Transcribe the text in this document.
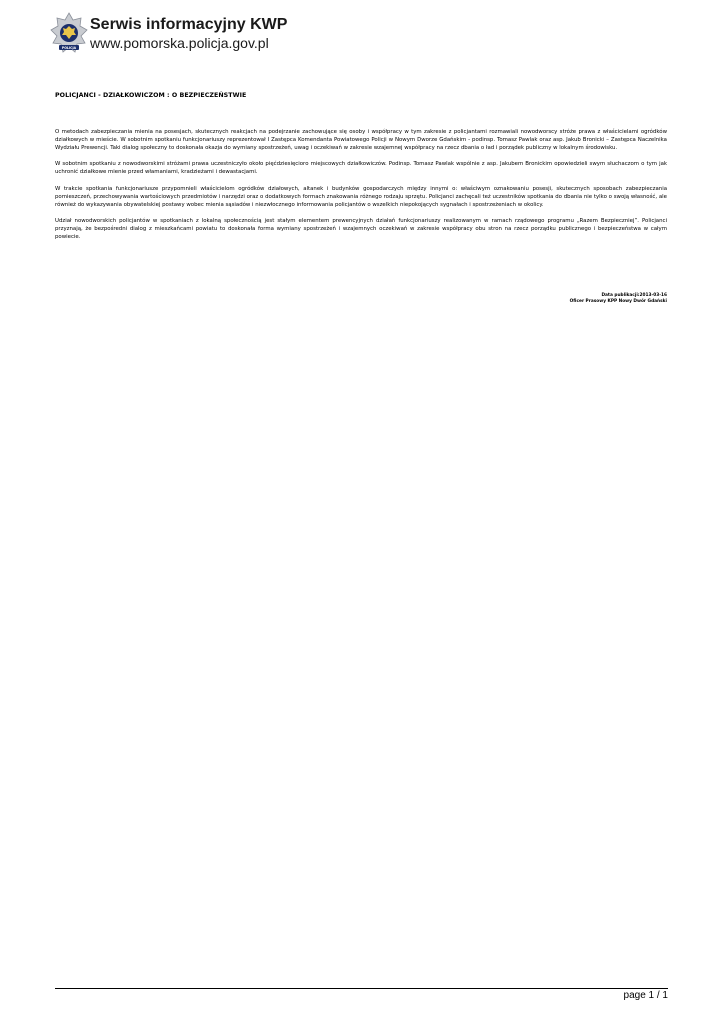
POLICJA
Serwis informacyjny KWP
www.pomorska.policja.gov.pl
POLICJANCI - DZIAŁKOWICZOM : O BEZPIECZEŃSTWIE

O metodach zabezpieczania mienia na posesjach, skutecznych reakcjach na podejrzanie zachowujące się osoby i współpracy w tym zakresie z policjantami rozmawiali nowodworscy stróże prawa z właścicielami ogródków działkowych w mieście. W sobotnim spotkaniu funkcjonariuszy reprezentował I Zastępca Komendanta Powiatowego Policji w Nowym Dworze Gdańskim - podinsp. Tomasz Pawlak oraz asp. Jakub Bronicki – Zastępca Naczelnika Wydziału Prewencji. Taki dialog społeczny to doskonała okazja do wymiany spostrzeżeń, uwag i oczekiwań w zakresie wzajemnej współpracy na rzecz dbania o ład i porządek publiczny w lokalnym środowisku.

W sobotnim spotkaniu z nowodworskimi stróżami prawa uczestniczyło około pięćdziesięciorо miejscowych działkowiczów. Podinsp. Tomasz Pawlak wspólnie z asp. Jakubem Bronickim opowiedzieli swym słuchaczom o tym jak uchronić działkowe mienie przed włamaniami, kradzieżami i dewastacjami.

W trakcie spotkania funkcjonariusze przypomnieli właścicielom ogródków działowych, altanek i budynków gospodarczych między innymi o: właściwym oznakowaniu posesji, skutecznych sposobach zabezpieczania pomieszczeń, przechowywania wartościowych przedmiotów i narzędzi oraz o dodatkowych formach znakowania różnego rodzaju sprzętu. Policjanci zachęcali też uczestników spotkania do dbania nie tylko o swoją własność, ale również do wykazywania obywatelskiej postawy wobec mienia sąsiadów i niezwłocznego informowania policjantów o wszelkich niepokojących sygnałach i spostrzeżeniach w okolicy.

Udział nowodworskich policjantów w spotkaniach z lokalną społecznością jest stałym elementem prewencyjnych działań funkcjonariuszy realizowanym w ramach rządowego programu „Razem Bezpieczniej”. Policjanci przyznają, że bezpośredni dialog z mieszkańcami powiatu to doskonała forma wymiany spostrzeżeń i wzajemnych oczekiwań w zakresie współpracy obu stron na rzecz porządku publicznego i bezpieczeństwa w całym powiecie.

Data publikacji:2013-03-16
Oficer Prasowy KPP Nowy Dwór Gdański
page 1 / 1
